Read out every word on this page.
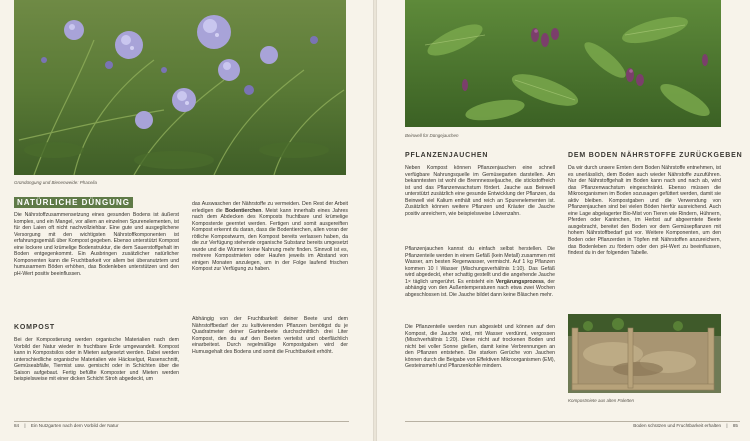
Gründüngung und Bienenweide: Phacelia
NATÜRLICHE DÜNGUNG
Die Nährstoffzusammensetzung eines gesunden Bodens ist äußerst komplex, und ein Mangel, vor allem an einzelnen Spurenelementen, ist für den Laien oft nicht nachvollziehbar. Eine gute und ausgeglichene Versorgung mit den wichtigsten Nährstoffkomponenten ist erfahrungsgemäß über Kompost gegeben. Ebenso unterstützt Kompost eine lockere und krümelige Bodenstruktur, die dem Sauerstoffgehalt im Boden entgegenkommt. Ein Ausbringen zusätzlicher natürlicher Komponenten kann die Fruchtbarkeit vor allem bei überanutztem und humusarmem Böden erhöhen, das Bodenleben unterstützen und den pH-Wert positiv beeinflussen.
KOMPOST
Bei der Kompostierung werden organische Materialien nach dem Vorbild der Natur wieder in fruchtbare Erde umgewandelt. Kompost kann in Kompostsilos oder in Mieten aufgesetzt werden. Dabei werden unterschiedliche organische Materialien wie Häckselgut, Rasenschnitt, Gemüseabfälle, Tiermist usw. gemischt oder in Schichten über die Saison aufgebaut. Fertig befüllte Komposter und Mieten werden beispielsweise mit einer dicken Schicht Stroh abgedeckt, um
das Auswaschen der Nährstoffe zu vermeiden. Den Rest der Arbeit erledigen die Bodentierchen. Meist kann innerhalb eines Jahres nach dem Abdecken des Komposts fruchtbare und krümelige Komposterde geerntet werden. Fertigen und somit ausgereiften Kompost erkennt du daran, dass die Bodentierchen, allen voran der rötliche Kompostwurm, den Kompost bereits verlassen haben, da die zur Verfügung stehende organische Substanz bereits umgesetzt wurde und die Würmer keine Nahrung mehr finden. Sinnvoll ist es, mehrere Kompostmieten oder Haufen jeweils im Abstand von einigen Monaten anzulegen, um in der Folge laufend frischen Kompost zur Verfügung zu haben.
Abhängig von der Fruchtbarkeit deiner Beete und dem Nährstoffbedarf der zu kultivierenden Pflanzen benötigst du je Quadratmeter deiner Gartenbeete durchschnittlich drei Liter Kompost, den du auf den Beeten verteilst und oberflächlich einarbeitest. Durch regelmäßige Kompostgaben wird der Humusgehalt des Bodens und somit die Fruchtbarkeit erhöht.
84 | Ein Nutzgarten nach dem Vorbild der Natur
Beinwell für Düngejauchen
PFLANZENJAUCHEN
Neben Kompost können Pflanzenjauchen eine schnell verfügbare Nahrungsquelle im Gemüsegarten darstellen. Am bekanntesten ist wohl die Brennnesseljauche, die stickstoffreich ist und das Pflanzenwachstum fördert. Jauche aus Beinwell unterstützt zusätzlich eine gesunde Entwicklung der Pflanzen, da Beinwell viel Kalium enthält und reich an Spurenelementen ist. Zusätzlich können weitere Pflanzen und Kräuter die Jauche positiv anreichern, wie beispielsweise Löwenzahn.
Pflanzenjauchen kannst du einfach selbst herstellen. Die Pflanzenteile werden in einem Gefäß (kein Metall) zusammen mit Wasser, am besten Regenwasser, vermischt. Auf 1 kg Pflanzen kommen 10 l Wasser (Mischungsverhältnis 1:10). Das Gefäß wird abgedeckt, eher schattig gestellt und die angehende Jauche 1× täglich umgerührt. Es entsteht ein Vergärungsprozess, der abhängig von den Außentemperaturen nach etwa zwei Wochen abgeschlossen ist. Die Jauche bildet dann keine Bläschen mehr.
Die Pflanzenteile werden nun abgesiebt und können auf den Kompost, die Jauche wird, mit Wasser verdünnt, vergossen (Mischverhältnis 1:20). Diese nicht auf trockenen Boden und nicht bei voller Sonne gießen, damit keine Verbrennungen an den Pflanzen entstehen. Die starken Gerüche von Jauchen können durch die Beigabe von Effektiven Mikroorganismen (EM), Gesteinsmehl und Pflanzenkohle mindern.
DEM BODEN NÄHRSTOFFE ZURÜCKGEBEN
Da wir durch unsere Ernten dem Boden Nährstoffe entnehmen, ist es unerlässlich, dem Boden auch wieder Nährstoffe zuzuführen. Nur der Nährstoffgehalt im Boden kann nach und nach ab, wird das Pflanzenwachstum eingeschränkt. Ebenso müssen die Mikroorganismen im Boden sozusagen gefüttert werden, damit sie aktiv bleiben. Kompostgaben und die Verwendung von Pflanzenjauchen sind bei vielen Böden hierfür ausreichend. Auch eine Lage abgelagerter Bio-Mist von Tieren wie Rindern, Hühnern, Pferden oder Kaninchen, im Herbst auf abgeerntete Beete ausgebracht, bereitet den Boden vor dem Gemüsepflanzen mit hohem Nährstoffbedarf gut vor. Weitere Komponenten, um den Boden oder Pflanzerden in Töpfen mit Nährstoffen anzureichern, das Bodenleben zu fördern oder den pH-Wert zu beeinflussen, findest du in der folgenden Tabelle.
Kompostmiete aus alten Paletten
Boden schützen und Fruchtbarkeit erhalten | 85
